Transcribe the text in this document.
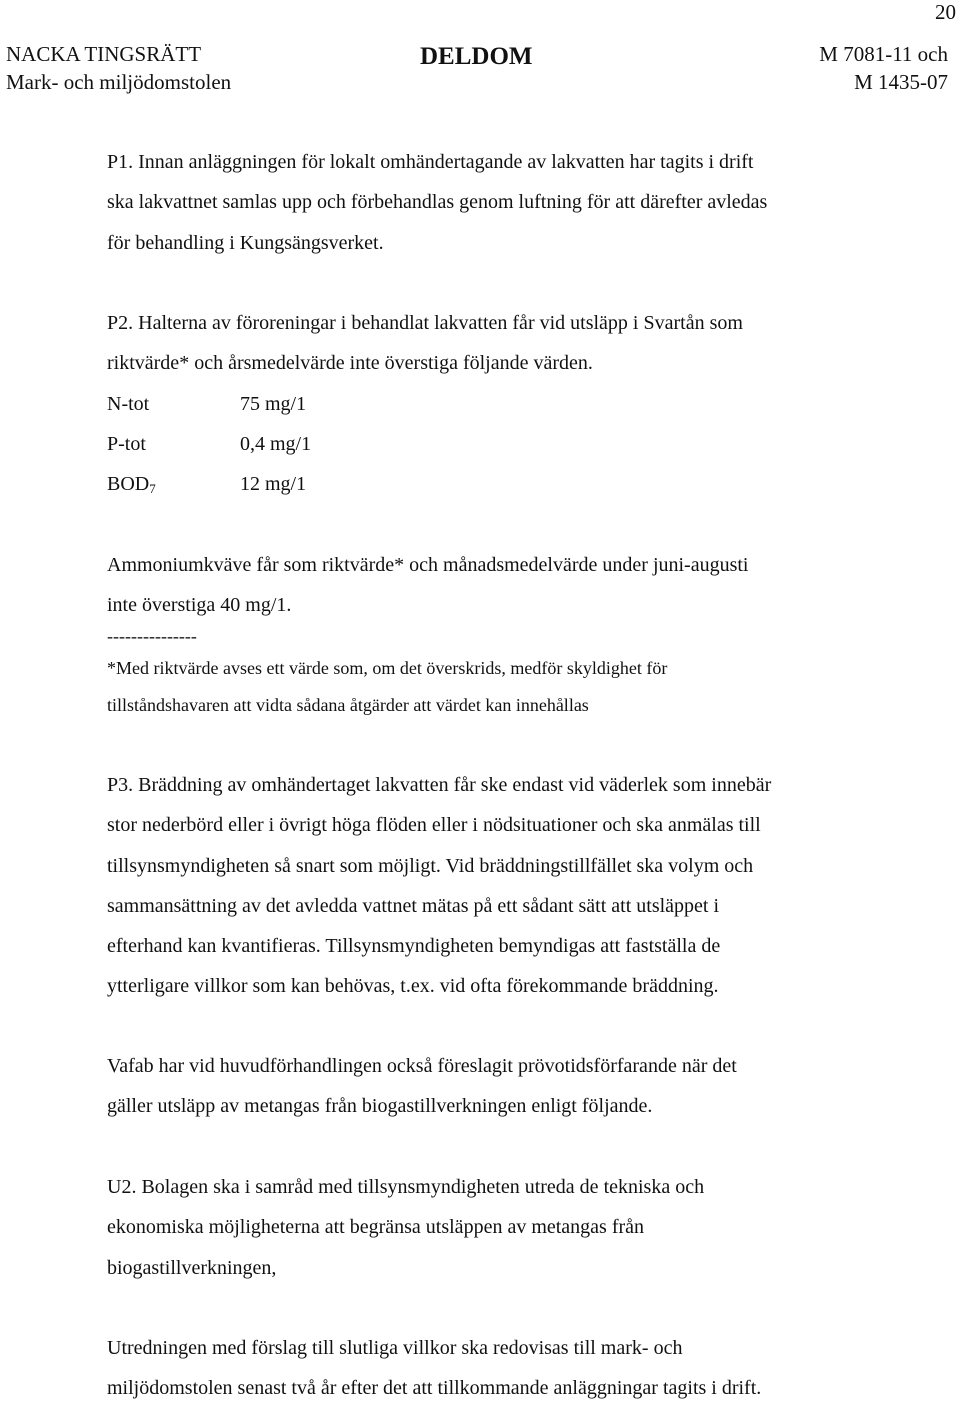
20
NACKA TINGSRÄTT
Mark- och miljödomstolen
DELDOM	M 7081-11 och
M 1435-07
P1. Innan anläggningen för lokalt omhändertagande av lakvatten har tagits i drift
ska lakvattnet samlas upp och förbehandlas genom luftning för att därefter avledas
för behandling i Kungsängsverket.
P2. Halterna av föroreningar i behandlat lakvatten får vid utsläpp i Svartån som
riktvärde* och årsmedelvärde inte överstiga följande värden.
N-tot	75 mg/1
P-tot	0,4 mg/1
$BOD_7$	12 mg/1
Ammoniumkväve får som riktvärde* och månadsmedelvärde under juni-augusti
inte överstiga 40 mg/1.
---------------
*Med riktvärde avses ett värde som, om det överskrids, medför skyldighet för
tillståndshavaren att vidta sådana åtgärder att värdet kan innehållas
P3. Bräddning av omhändertaget lakvatten får ske endast vid väderlek som innebär
stor nederbörd eller i övrigt höga flöden eller i nödsituationer och ska anmälas till
tillsynsmyndigheten så snart som möjligt. Vid bräddningstillfället ska volym och
sammansättning av det avledda vattnet mätas på ett sådant sätt att utsläppet i
efterhand kan kvantifieras. Tillsynsmyndigheten bemyndigas att fastställa de
ytterligare villkor som kan behövas, t.ex. vid ofta förekommande bräddning.
Vafab har vid huvudförhandlingen också föreslagit prövotidsförfarande när det
gäller utsläpp av metangas från biogastillverkningen enligt följande.
U2. Bolagen ska i samråd med tillsynsmyndigheten utreda de tekniska och
ekonomiska möjligheterna att begränsa utsläppen av metangas från
biogastillverkningen,
Utredningen med förslag till slutliga villkor ska redovisas till mark- och
miljödomstolen senast två år efter det att tillkommande anläggningar tagits i drift.
